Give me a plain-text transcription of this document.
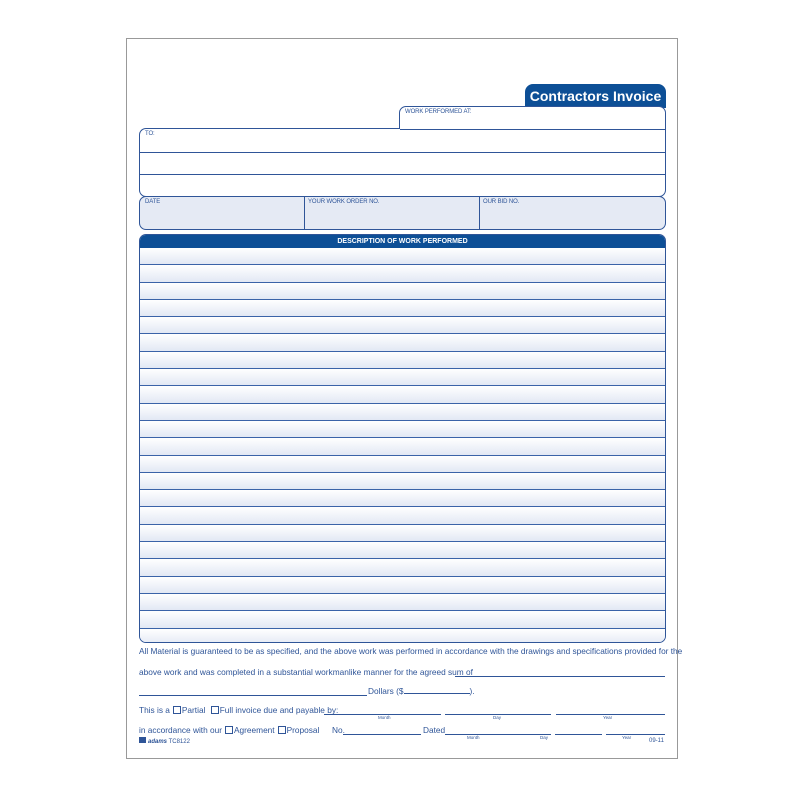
Contractors Invoice
WORK PERFORMED AT:
TO:
DATE	YOUR WORK ORDER NO.	OUR BID NO.
DESCRIPTION OF WORK PERFORMED
All Material is guaranteed to be as specified, and the above work was performed in accordance with the drawings and specifications provided for the
above work and was completed in a substantial workmanlike manner for the agreed sum of
Dollars ($	).
This is a Partial Full invoice due and payable by:
Month	Day	Year
in accordance with our Agreement Proposal No.	Dated
Month	Day	Year
adams TC8122	09-11
